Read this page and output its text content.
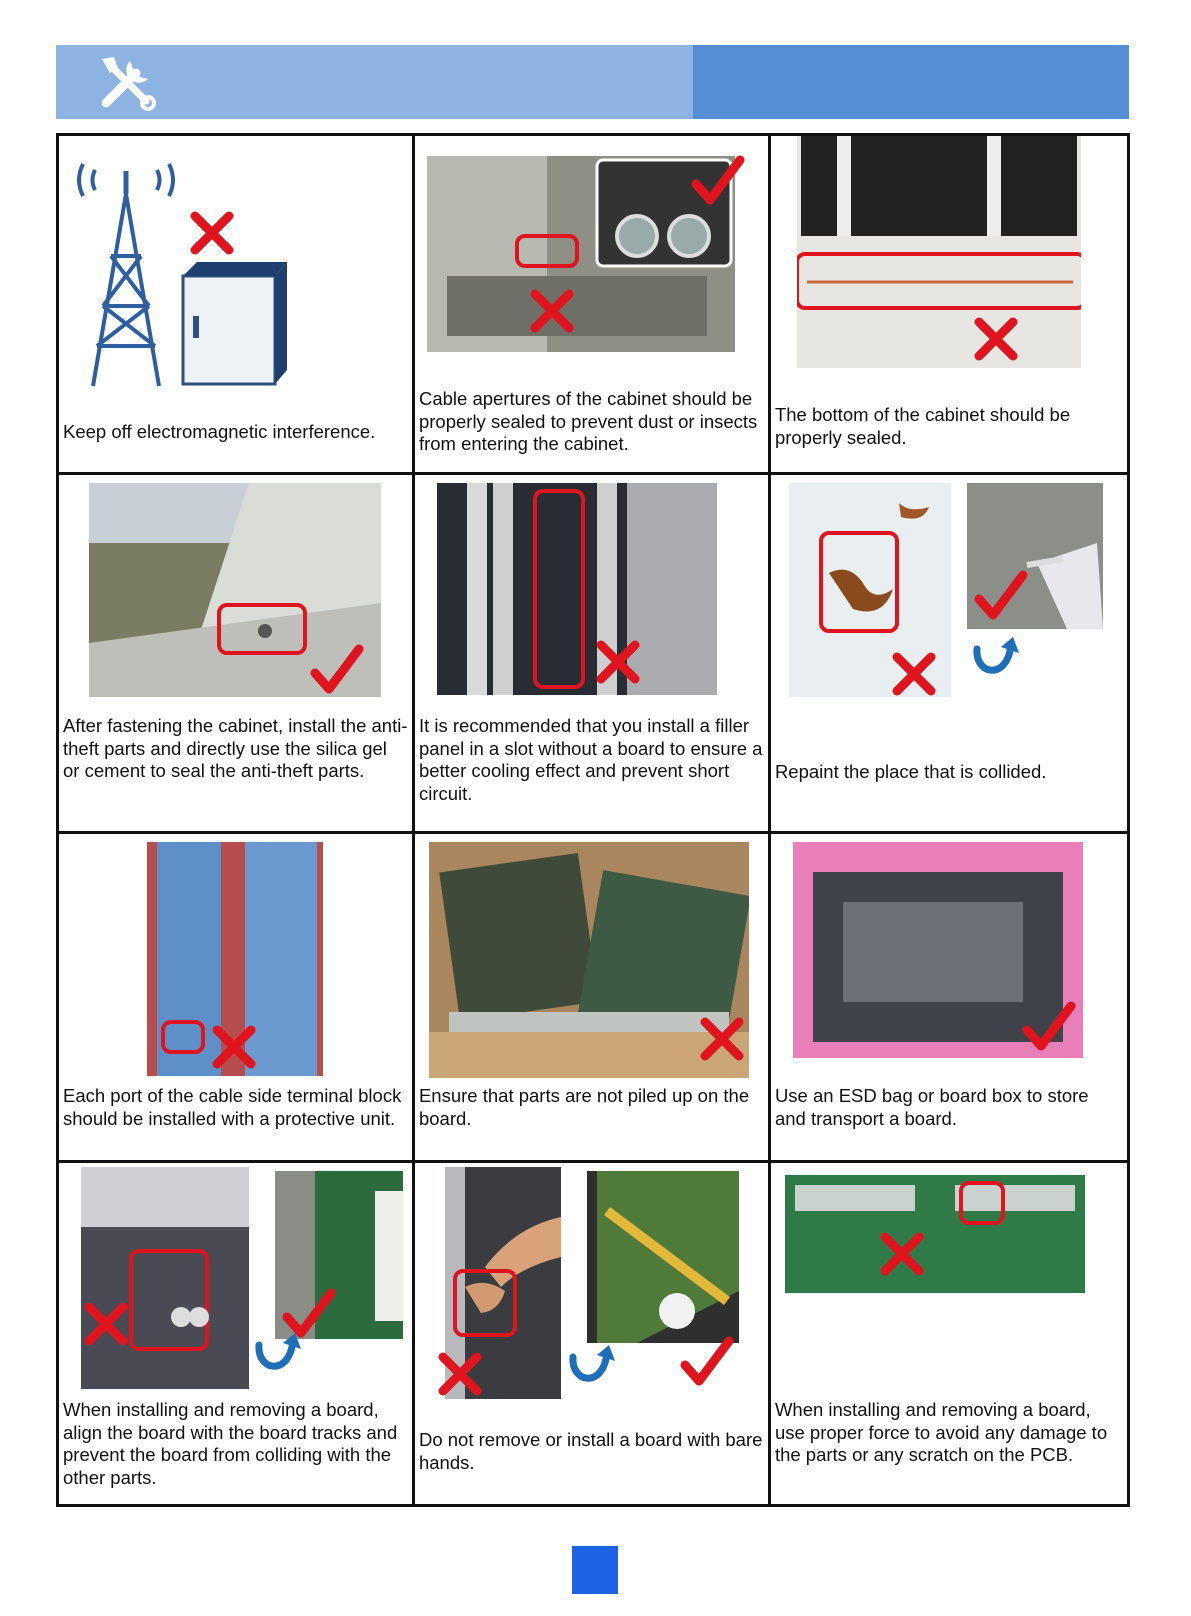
Keep off electromagnetic interference.	Cable apertures of the cabinet should be properly sealed to prevent dust or insects from entering the cabinet.	The bottom of the cabinet should be properly sealed.

After fastening the cabinet, install the anti-theft parts and directly use the silica gel or cement to seal the anti-theft parts.	It is recommended that you install a filler panel in a slot without a board to ensure a better cooling effect and prevent short circuit.	Repaint the place that is collided.

Each port of the cable side terminal block should be installed with a protective unit.	Ensure that parts are not piled up on the board.	Use an ESD bag or board box to store and transport a board.

When installing and removing a board, align the board with the board tracks and prevent the board from colliding with the other parts.	Do not remove or install a board with bare hands.	When installing and removing a board, use proper force to avoid any damage to the parts or any scratch on the PCB.
